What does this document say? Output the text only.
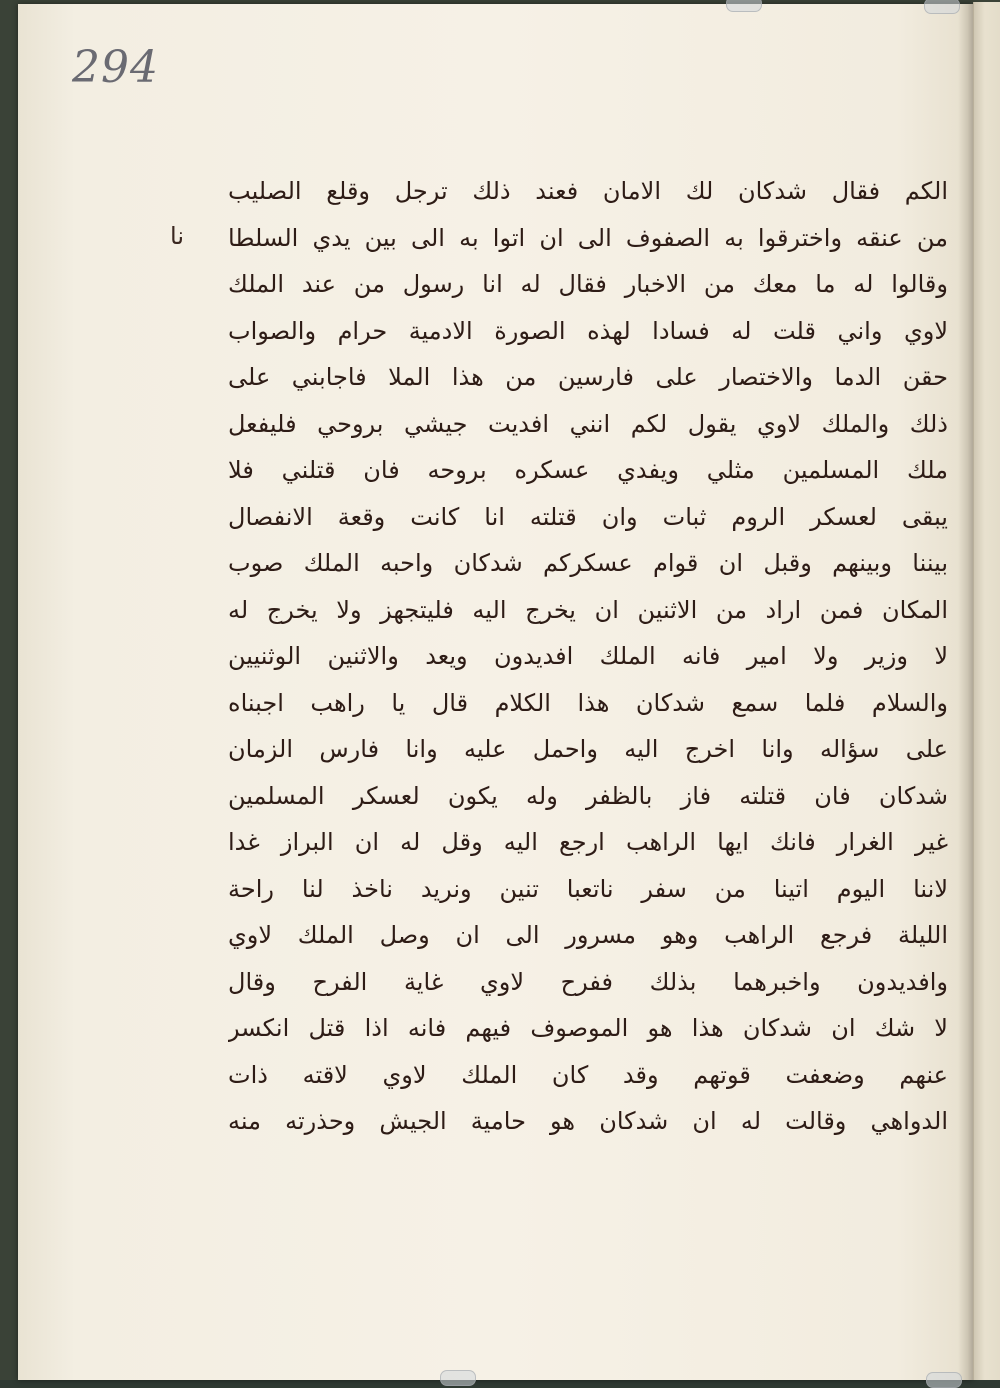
294
نا
الكم فقال شدكان لك الامان فعند ذلك ترجل وقلع الصليب
من عنقه واخترقوا به الصفوف الى ان اتوا به الى بين يدي السلطا
وقالوا له ما معك من الاخبار فقال له انا رسول من عند الملك
لاوي واني قلت له فسادا لهذه الصورة الادمية حرام والصواب
حقن الدما والاختصار على فارسين من هذا الملا فاجابني على
ذلك والملك لاوي يقول لكم انني افديت جيشي بروحي فليفعل
ملك المسلمين مثلي ويفدي عسكره بروحه فان قتلني فلا
يبقى لعسكر الروم ثبات وان قتلته انا كانت وقعة الانفصال
بيننا وبينهم وقبل ان قوام عسكركم شدكان واحبه الملك صوب
المكان فمن اراد من الاثنين ان يخرج اليه فليتجهز ولا يخرج له
لا وزير ولا امير فانه الملك افديدون ويعد والاثنين الوثنيين
والسلام فلما سمع شدكان هذا الكلام قال يا راهب اجبناه
على سؤاله وانا اخرج اليه واحمل عليه وانا فارس الزمان
شدكان فان قتلته فاز بالظفر وله يكون لعسكر المسلمين
غير الغرار فانك ايها الراهب ارجع اليه وقل له ان البراز غدا
لاننا اليوم اتينا من سفر ناتعبا تنين ونريد ناخذ لنا راحة
الليلة فرجع الراهب وهو مسرور الى ان وصل الملك لاوي
وافديدون واخبرهما بذلك ففرح لاوي غاية الفرح وقال
لا شك ان شدكان هذا هو الموصوف فيهم فانه اذا قتل انكسر
عنهم وضعفت قوتهم وقد كان الملك لاوي لاقته ذات
الدواهي وقالت له ان شدكان هو حامية الجيش وحذرته منه
